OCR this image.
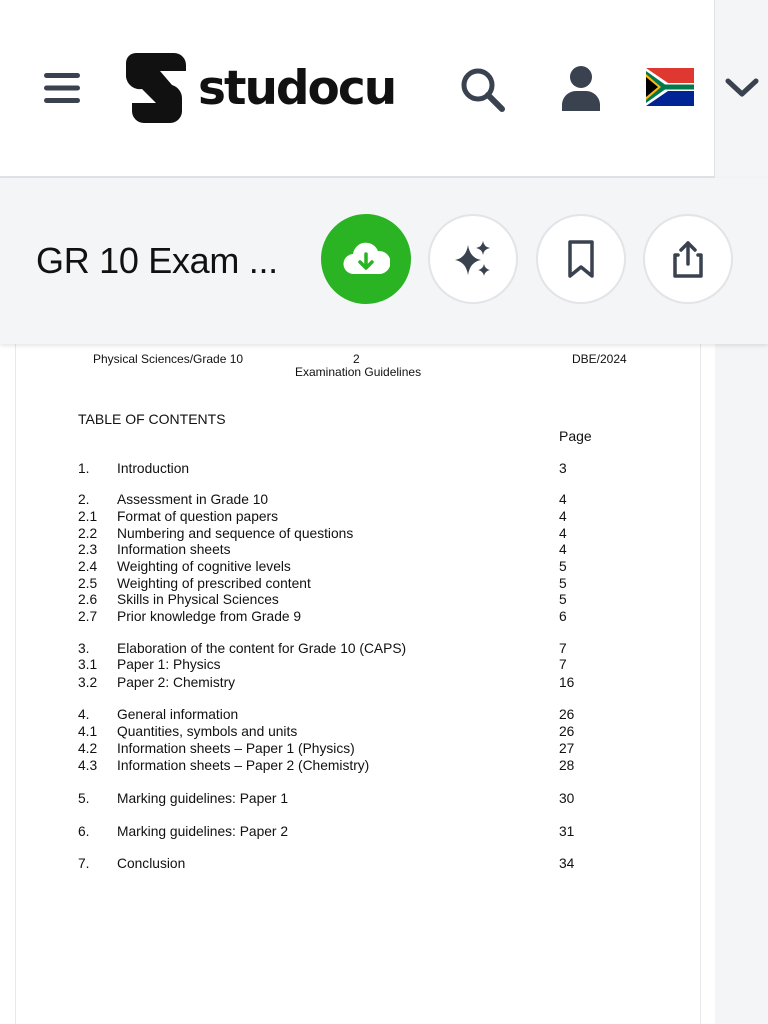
studocu
GR 10 Exam ...
Physical Sciences/Grade 10	2	DBE/2024
Examination Guidelines
TABLE OF CONTENTS
Page
1. Introduction	3
2. Assessment in Grade 10	4
2.1 Format of question papers	4
2.2 Numbering and sequence of questions	4
2.3 Information sheets	4
2.4 Weighting of cognitive levels	5
2.5 Weighting of prescribed content	5
2.6 Skills in Physical Sciences	5
2.7 Prior knowledge from Grade 9	6
3. Elaboration of the content for Grade 10 (CAPS)	7
3.1 Paper 1: Physics	7
3.2 Paper 2: Chemistry	16
4. General information	26
4.1 Quantities, symbols and units	26
4.2 Information sheets – Paper 1 (Physics)	27
4.3 Information sheets – Paper 2 (Chemistry)	28
5. Marking guidelines: Paper 1	30
6. Marking guidelines: Paper 2	31
7. Conclusion	34
